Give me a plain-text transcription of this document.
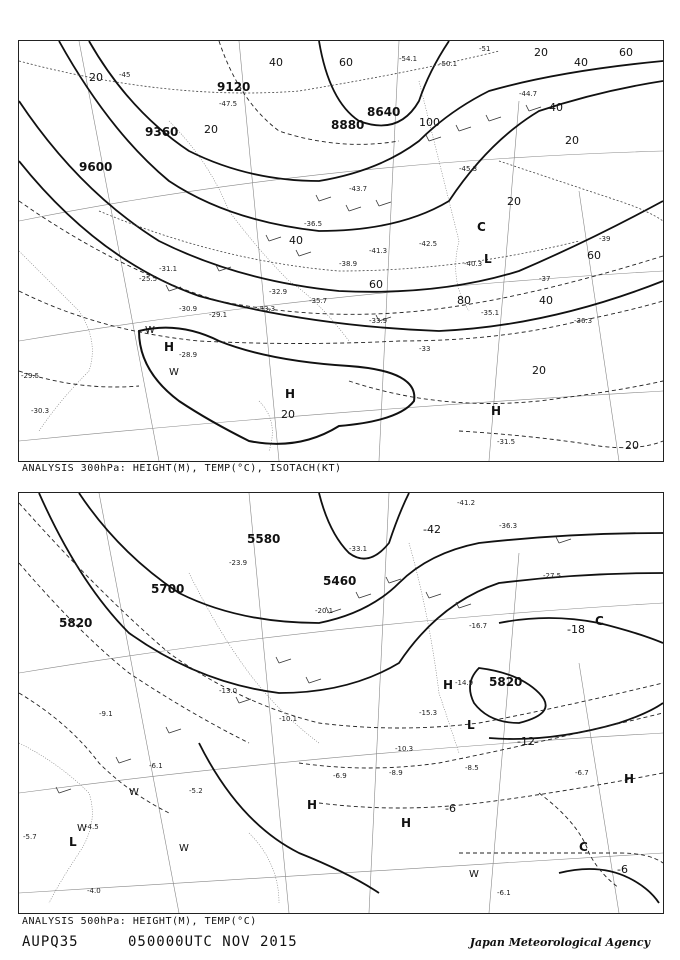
9120
9360
9600
8640
8880
20
40	60
100
20
40
60
20
40
60
80	40
60
20
20
20
20
20
40
-47.5
-51
-50.1
-54.1
-44.7
-42.5
-45.3
-40.3
-39
-37
-36.3
-35.1
-33
-31.5
-30.3
-29.5
-28.9
-32.9
-35.7
-33.9
-36.5
-38.9
-41.3
-43.7
-30.9
-29.1
-25.5
-33.3
-31.1
-45
H
H
H
L
C
W
W
ANALYSIS 300hPa: HEIGHT(M), TEMP(°C), ISOTACH(KT)
5580
5700
5820
5460
5820
-42
-18
-12
-6
-6
-41.2
-36.3
-27.5
-16.7
-14.9
-10.3
-8.5
-8.9	-6.7
-6.9
-6.1
-4.5
-5.7
-4.0
-6.1
-5.2
-9.1
-10.1
-13.0
-15.3
-20.1
-23.9
-33.1
H
H
H
H
L
L
C
C
W
W
W
W
ANALYSIS 500hPa: HEIGHT(M), TEMP(°C)
AUPQ35	050000UTC NOV 2015	Japan Meteorological Agency
